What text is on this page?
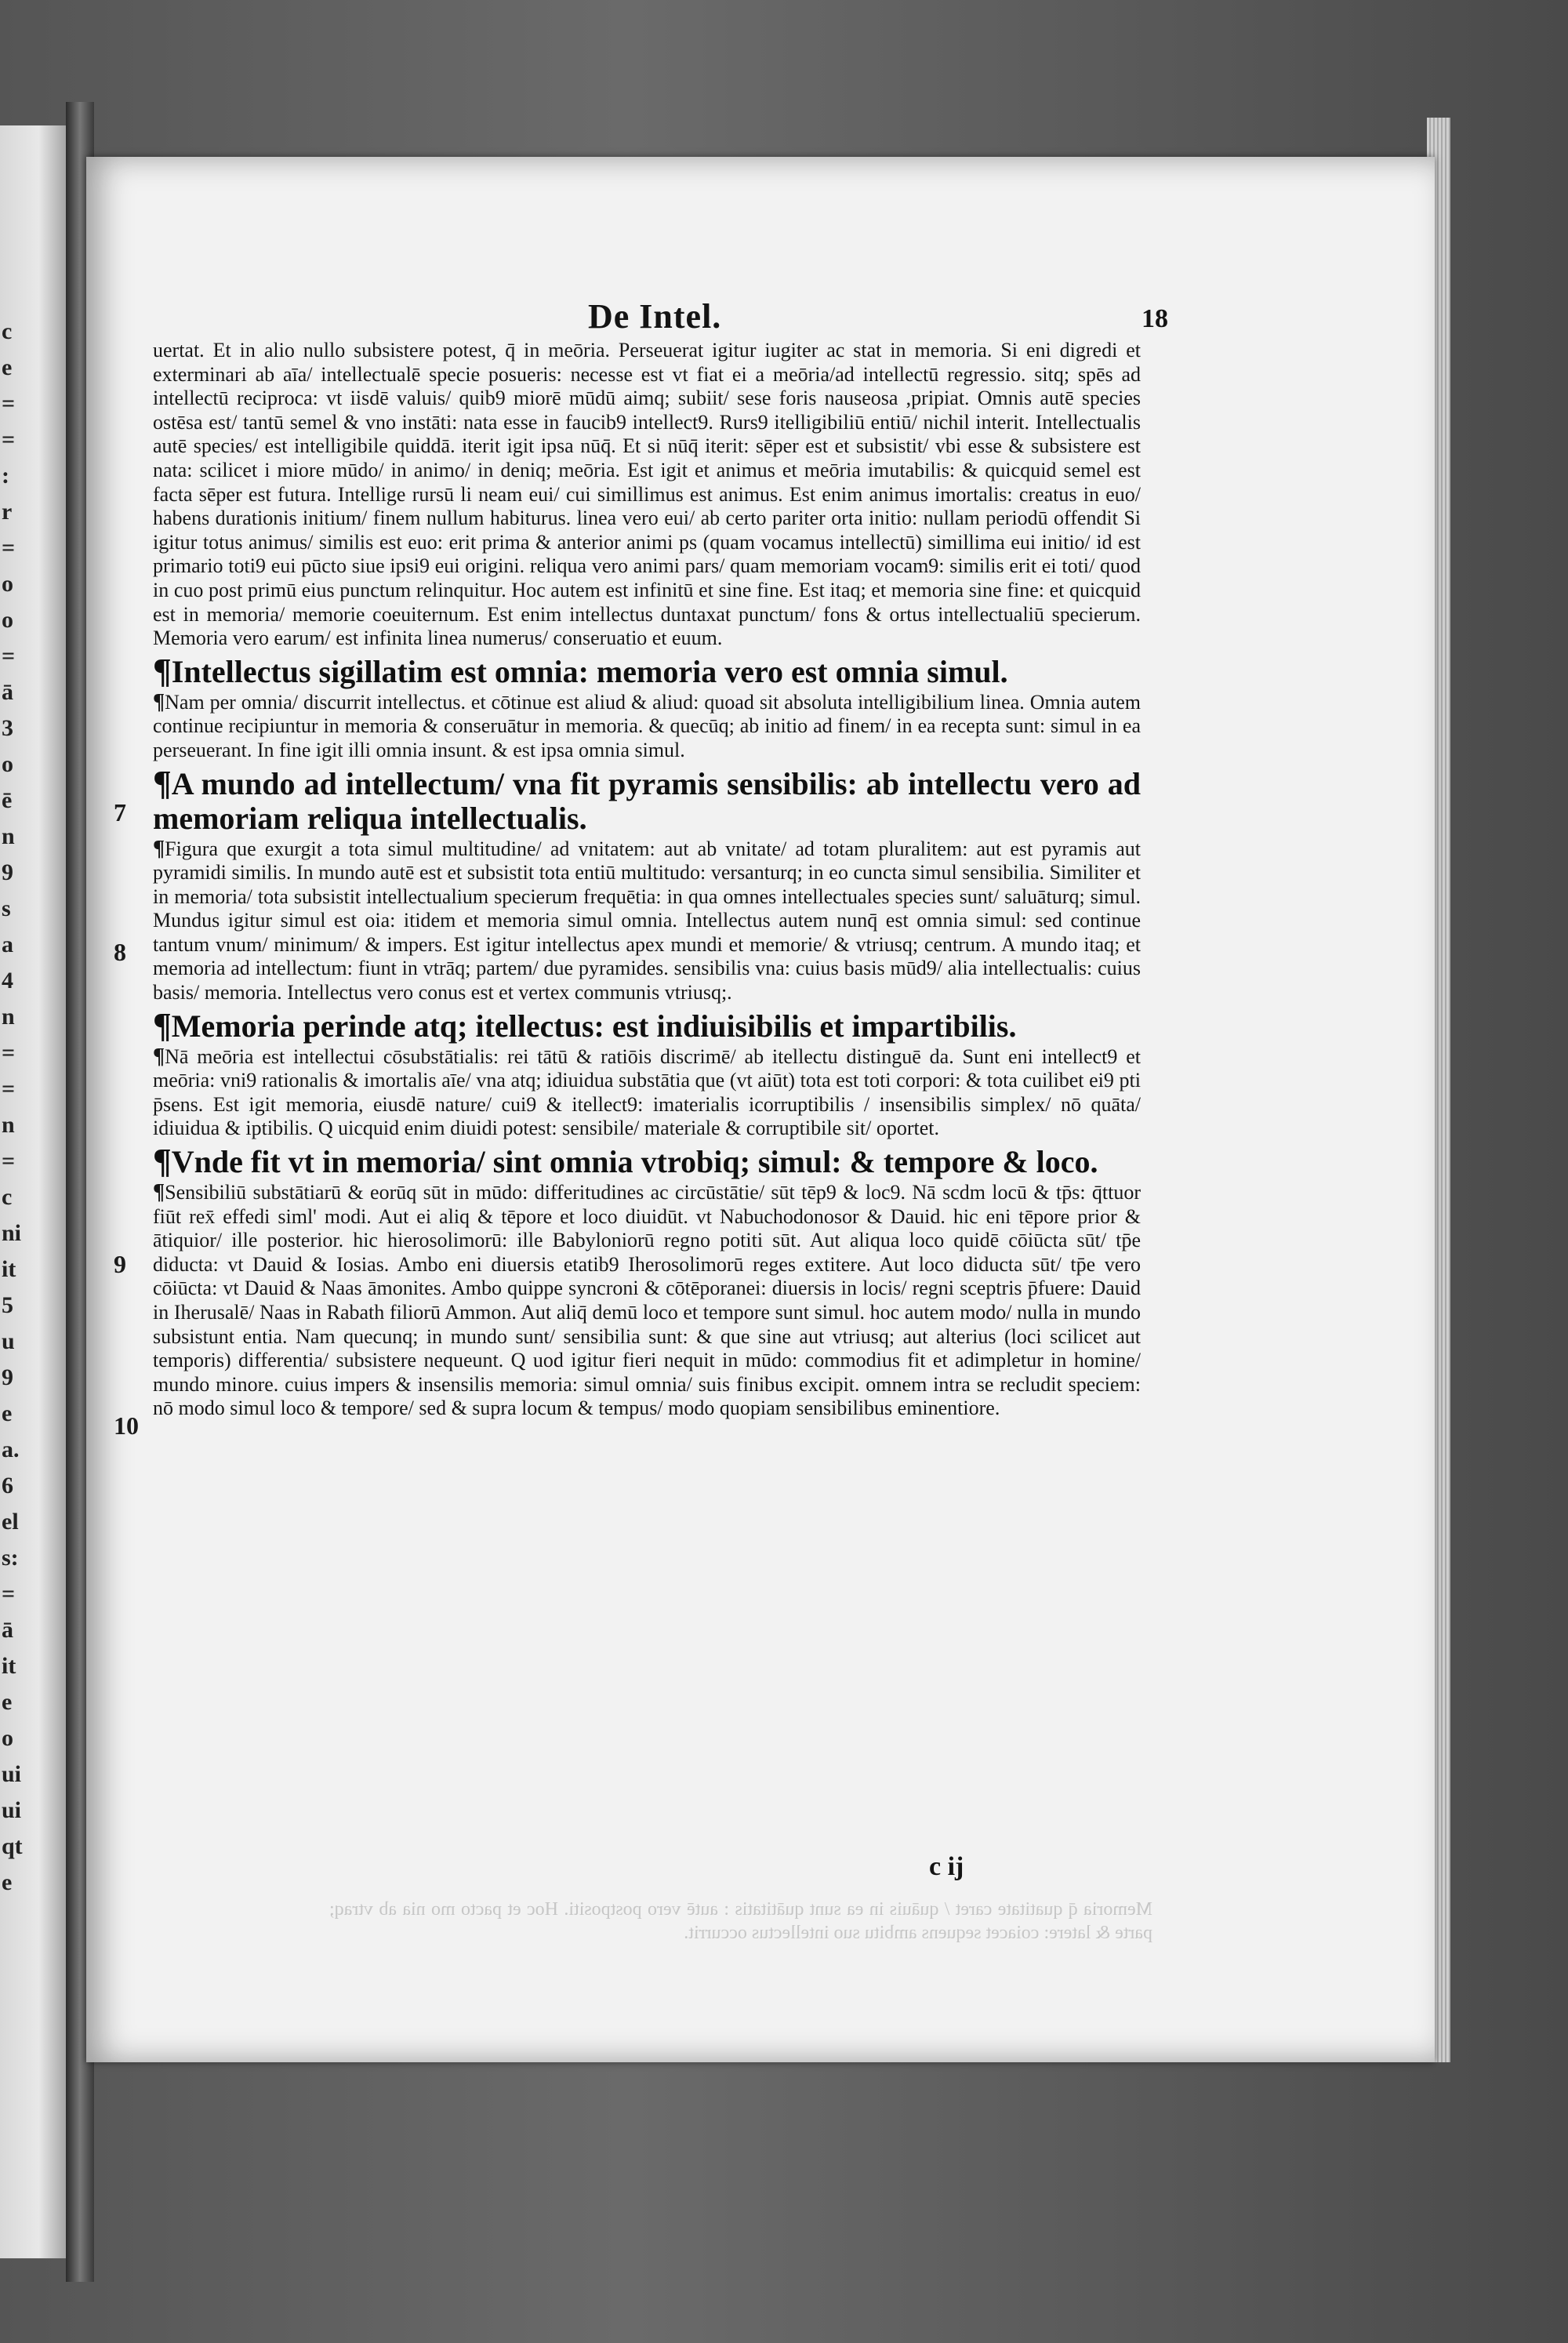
c
e
=
=
:
r
=
o
o
=
ā
3
o
ē
n
9
s
a
4
n
=
=
n
=
c
ni
it
5
u
9
e
a.
6
el
s:
=
ā
it
e
o
ui
ui
qt
e
De Intel.	18
7
8
9
10

uertat. Et in alio nullo subsistere potest, q̄ in meōria. Perseuerat igitur iugiter ac stat in memoria. Si eni digredi et exterminari ab aīa/ intellectualē specie posueris: necesse est vt fiat ei a meōria/ad intellectū regressio. sitq; spēs ad intellectū reciproca: vt iisdē valuis/ quib9 miorē mūdū aimq; subiit/ sese foris nauseosa ,pripiat. Omnis autē species ostēsa est/ tantū semel & vno instāti: nata esse in faucib9 intellect9. Rurs9 itelligibiliū entiū/ nichil interit. Intellectualis autē species/ est intelligibile quiddā. iterit igit ipsa nūq̄. Et si nūq̄ iterit: sēper est et subsistit/ vbi esse & subsistere est nata: scilicet i miore mūdo/ in animo/ in deniq; meōria. Est igit et animus et meōria imutabilis: & quicquid semel est facta sēper est futura. Intellige rursū li neam eui/ cui simillimus est animus. Est enim animus imortalis: creatus in euo/ habens durationis initium/ finem nullum habiturus. linea vero eui/ ab certo pariter orta initio: nullam periodū offendit Si igitur totus animus/ similis est euo: erit prima & anterior animi ps (quam vocamus intellectū) simillima eui initio/ id est primario toti9 eui pūcto siue ipsi9 eui origini. reliqua vero animi pars/ quam memoriam vocam9: similis erit ei toti/ quod in cuo post primū eius punctum relinquitur. Hoc autem est infinitū et sine fine. Est itaq; et memoria sine fine: et quicquid est in memoria/ memorie coeuiternum. Est enim intellectus duntaxat punctum/ fons & ortus intellectualiū specierum. Memoria vero earum/ est infinita linea numerus/ conseruatio et euum.

¶Intellectus sigillatim est omnia: memoria vero est omnia simul.

¶Nam per omnia/ discurrit intellectus. et cōtinue est aliud & aliud: quoad sit absoluta intelligibilium linea. Omnia autem continue recipiuntur in memoria & conseruātur in memoria. & quecūq; ab initio ad finem/ in ea recepta sunt: simul in ea perseuerant. In fine igit illi omnia insunt. & est ipsa omnia simul.

¶A mundo ad intellectum/ vna fit pyramis sensibilis: ab intellectu vero ad memoriam reliqua intellectualis.

¶Figura que exurgit a tota simul multitudine/ ad vnitatem: aut ab vnitate/ ad totam pluralitem: aut est pyramis aut pyramidi similis. In mundo autē est et subsistit tota entiū multitudo: versanturq; in eo cuncta simul sensibilia. Similiter et in memoria/ tota subsistit intellectualium specierum frequētia: in qua omnes intellectuales species sunt/ saluāturq; simul. Mundus igitur simul est oia: itidem et memoria simul omnia. Intellectus autem nunq̄ est omnia simul: sed continue tantum vnum/ minimum/ & impers. Est igitur intellectus apex mundi et memorie/ & vtriusq; centrum. A mundo itaq; et memoria ad intellectum: fiunt in vtrāq; partem/ due pyramides. sensibilis vna: cuius basis mūd9/ alia intellectualis: cuius basis/ memoria. Intellectus vero conus est et vertex communis vtriusq;.

¶Memoria perinde atq; itellectus: est indiuisibilis et impartibilis.

¶Nā meōria est intellectui cōsubstātialis: rei tātū & ratiōis discrimē/ ab itellectu distinguē da. Sunt eni intellect9 et meōria: vni9 rationalis & imortalis aīe/ vna atq; idiuidua substātia que (vt aiūt) tota est toti corpori: & tota cuilibet ei9 pti p̄sens. Est igit memoria, eiusdē nature/ cui9 & itellect9: imaterialis icorruptibilis / insensibilis simplex/ nō quāta/ idiuidua & iptibilis. Q uicquid enim diuidi potest: sensibile/ materiale & corruptibile sit/ oportet.

¶Vnde fit vt in memoria/ sint omnia vtrobiq; simul: & tempore & loco.

¶Sensibiliū substātiarū & eorūq sūt in mūdo: differitudines ac circūstātie/ sūt tēp9 & loc9. Nā scdm locū & tp̄s: q̄ttuor fiūt rex̄ effedi siml' modi. Aut ei aliq & tēpore et loco diuidūt. vt Nabuchodonosor & Dauid. hic eni tēpore prior & ātiquior/ ille posterior. hic hierosolimorū: ille Babyloniorū regno potiti sūt. Aut aliqua loco quidē cōiūcta sūt/ tp̄e diducta: vt Dauid & Iosias. Ambo eni diuersis etatib9 Iherosolimorū reges extitere. Aut loco diducta sūt/ tp̄e vero cōiūcta: vt Dauid & Naas āmonites. Ambo quippe syncroni & cōtēporanei: diuersis in locis/ regni sceptris p̄fuere: Dauid in Iherusalē/ Naas in Rabath filiorū Ammon. Aut aliq̄ demū loco et tempore sunt simul. hoc autem modo/ nulla in mundo subsistunt entia. Nam quecunq; in mundo sunt/ sensibilia sunt: & que sine aut vtriusq; aut alterius (loci scilicet aut temporis) differentia/ subsistere nequeunt. Q uod igitur fieri nequit in mūdo: commodius fit et adimpletur in homine/ mundo minore. cuius impers & insensilis memoria: simul omnia/ suis finibus excipit. omnem intra se recludit speciem: nō modo simul loco & tempore/ sed & supra locum & tempus/ modo quopiam sensibilibus eminentiore.

c ij
Memoria q̄ quatitate caret / quāuis in ea sunt quātitatis : autē vero postpositi. Hoc et pacto mo nia ab vtraq; parte & latere: coiacet sequens ambitu suo intellectus occurrit.
